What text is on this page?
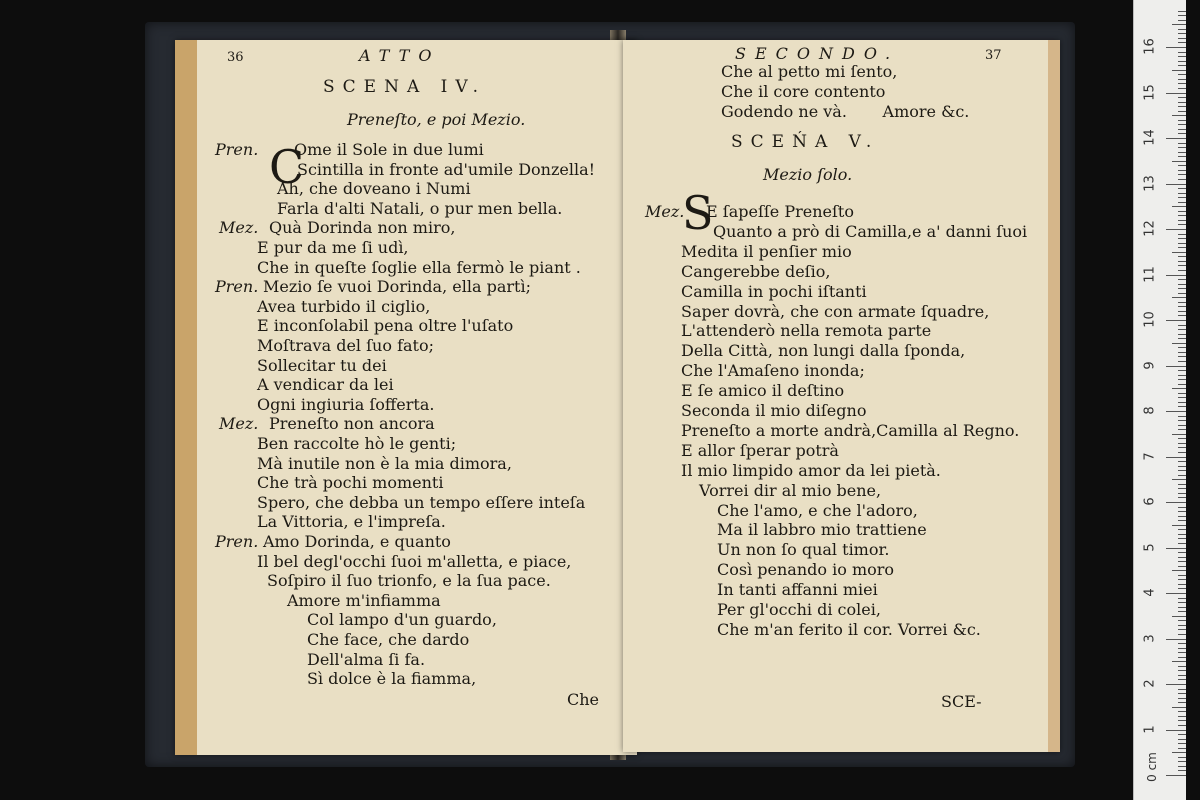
36	ATTO
SCENA IV.
Preneſto, e poi Mezio.
C
Pren. Ome il Sole in due lumi
Scintilla in fronte ad'umile Donzella!
Ah, che doveano i Numi
Farla d'alti Natali, o pur men bella.
Mez. Quà Dorinda non miro,
E pur da me ſi udì,
Che in queſte ſoglie ella fermò le piant .
Pren. Mezio ſe vuoi Dorinda, ella partì;
Avea turbido il ciglio,
E inconſolabil pena oltre l'uſato
Moſtrava del ſuo fato;
Sollecitar tu dei
A vendicar da lei
Ogni ingiuria ſofferta.
Mez. Preneſto non ancora
Ben raccolte hò le genti;
Mà inutile non è la mia dimora,
Che trà pochi momenti
Spero, che debba un tempo eſſere inteſa
La Vittoria, e l'impreſa.
Pren. Amo Dorinda, e quanto
Il bel degl'occhi ſuoi m'alletta, e piace,
Soſpiro il ſuo trionfo, e la ſua pace.
Amore m'infiamma
Col lampo d'un guardo,
Che face, che dardo
Dell'alma ſi fa.
Sì dolce è la fiamma,
Che
SECONDO.	37
Che al petto mi ſento,
Che il core contento
Godendo ne và.       Amore &c.
SCEŃA V.
Mezio ſolo.
S
Mez. E ſapeſſe Preneſto
Quanto a prò di Camilla,e a' danni ſuoi
Medita il penſier mio
Cangerebbe deſio,
Camilla in pochi iſtanti
Saper dovrà, che con armate ſquadre,
L'attenderò nella remota parte
Della Città, non lungi dalla ſponda,
Che l'Amaſeno inonda;
E ſe amico il deſtino
Seconda il mio diſegno
Preneſto a morte andrà,Camilla al Regno.
E allor ſperar potrà
Il mio limpido amor da lei pietà.
Vorrei dir al mio bene,
Che l'amo, e che l'adoro,
Ma il labbro mio trattiene
Un non ſo qual timor.
Così penando io moro
In tanti affanni miei
Per gl'occhi di colei,
Che m'an ferito il cor. Vorrei &c.
SCE-
0 cm
16
15
14
13
12
11
10
9
8
7
6
5
4
3
2
1
